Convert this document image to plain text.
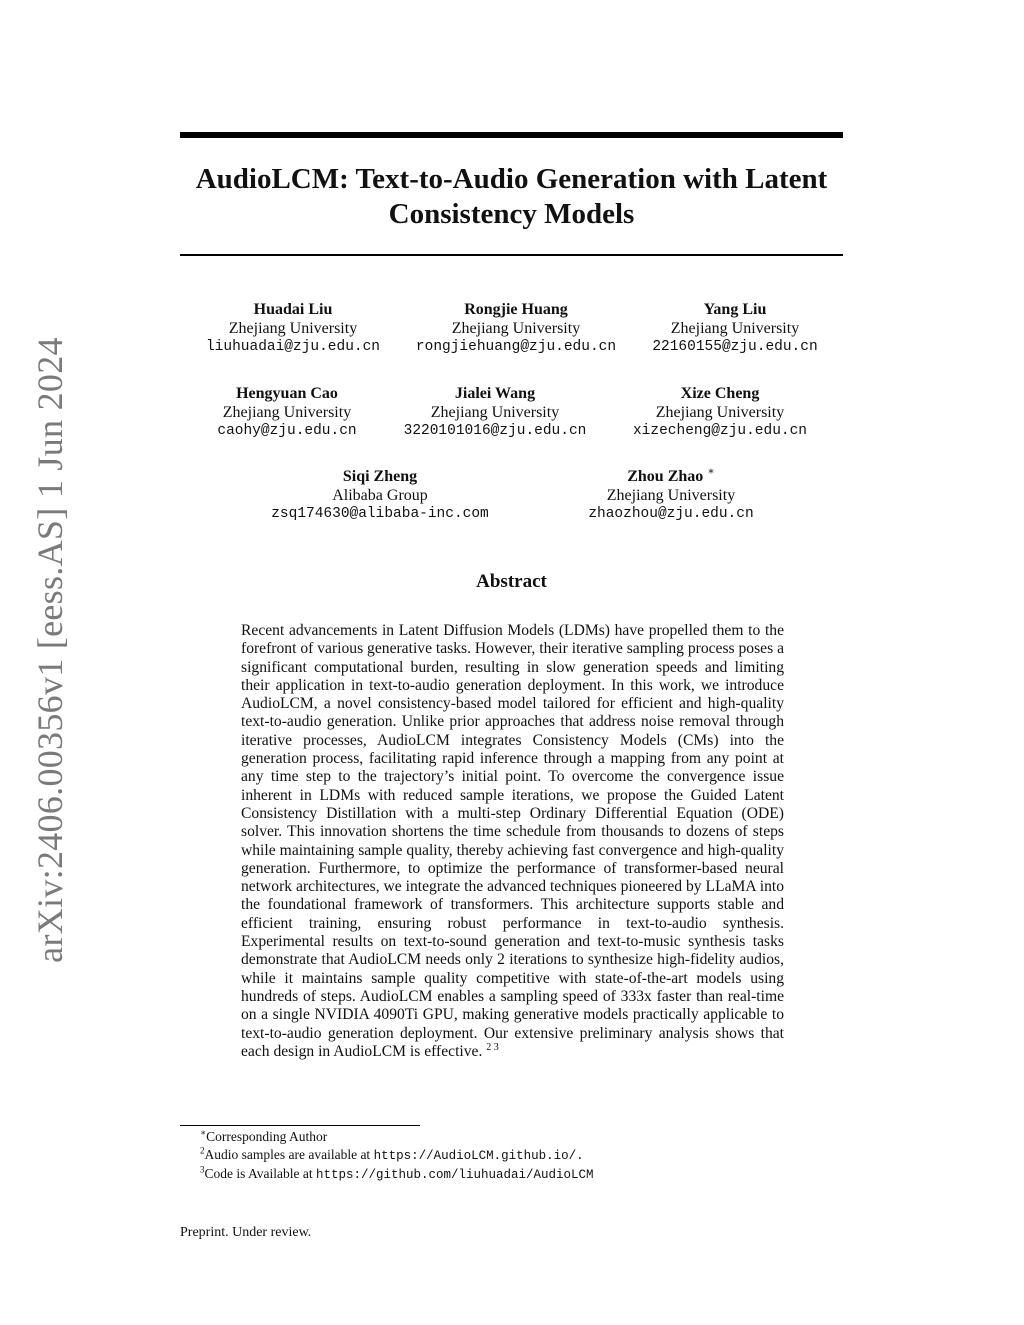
arXiv:2406.00356v1 [eess.AS] 1 Jun 2024
AudioLCM: Text-to-Audio Generation with Latent
Consistency Models
Huadai Liu
Zhejiang University
liuhuadai@zju.edu.cn
Rongjie Huang
Zhejiang University
rongjiehuang@zju.edu.cn
Yang Liu
Zhejiang University
22160155@zju.edu.cn
Hengyuan Cao
Zhejiang University
caohy@zju.edu.cn
Jialei Wang
Zhejiang University
3220101016@zju.edu.cn
Xize Cheng
Zhejiang University
xizecheng@zju.edu.cn
Siqi Zheng
Alibaba Group
zsq174630@alibaba-inc.com
Zhou Zhao ∗
Zhejiang University
zhaozhou@zju.edu.cn
Abstract

Recent advancements in Latent Diffusion Models (LDMs) have propelled them to the forefront of various generative tasks. However, their iterative sampling process poses a significant computational burden, resulting in slow generation speeds and limiting their application in text-to-audio generation deployment. In this work, we introduce AudioLCM, a novel consistency-based model tailored for efficient and high-quality text-to-audio generation. Unlike prior approaches that address noise removal through iterative processes, AudioLCM integrates Consistency Models (CMs) into the generation process, facilitating rapid inference through a mapping from any point at any time step to the trajectory’s initial point. To overcome the convergence issue inherent in LDMs with reduced sample iterations, we propose the Guided Latent Consistency Distillation with a multi-step Ordinary Differential Equation (ODE) solver. This innovation shortens the time schedule from thousands to dozens of steps while maintaining sample quality, thereby achieving fast convergence and high-quality generation. Furthermore, to optimize the performance of transformer-based neural network architectures, we integrate the advanced techniques pioneered by LLaMA into the foundational framework of transformers. This architecture supports stable and efficient training, ensuring robust performance in text-to-audio synthesis. Experimental results on text-to-sound generation and text-to-music synthesis tasks demonstrate that AudioLCM needs only 2 iterations to synthesize high-fidelity audios, while it maintains sample quality competitive with state-of-the-art models using hundreds of steps. AudioLCM enables a sampling speed of 333x faster than real-time on a single NVIDIA 4090Ti GPU, making generative models practically applicable to text-to-audio generation deployment. Our extensive preliminary analysis shows that each design in AudioLCM is effective. $^{2 3}$

∗Corresponding Author
$^2$Audio samples are available at https://AudioLCM.github.io/.
$^3$Code is Available at https://github.com/liuhuadai/AudioLCM
Preprint. Under review.
